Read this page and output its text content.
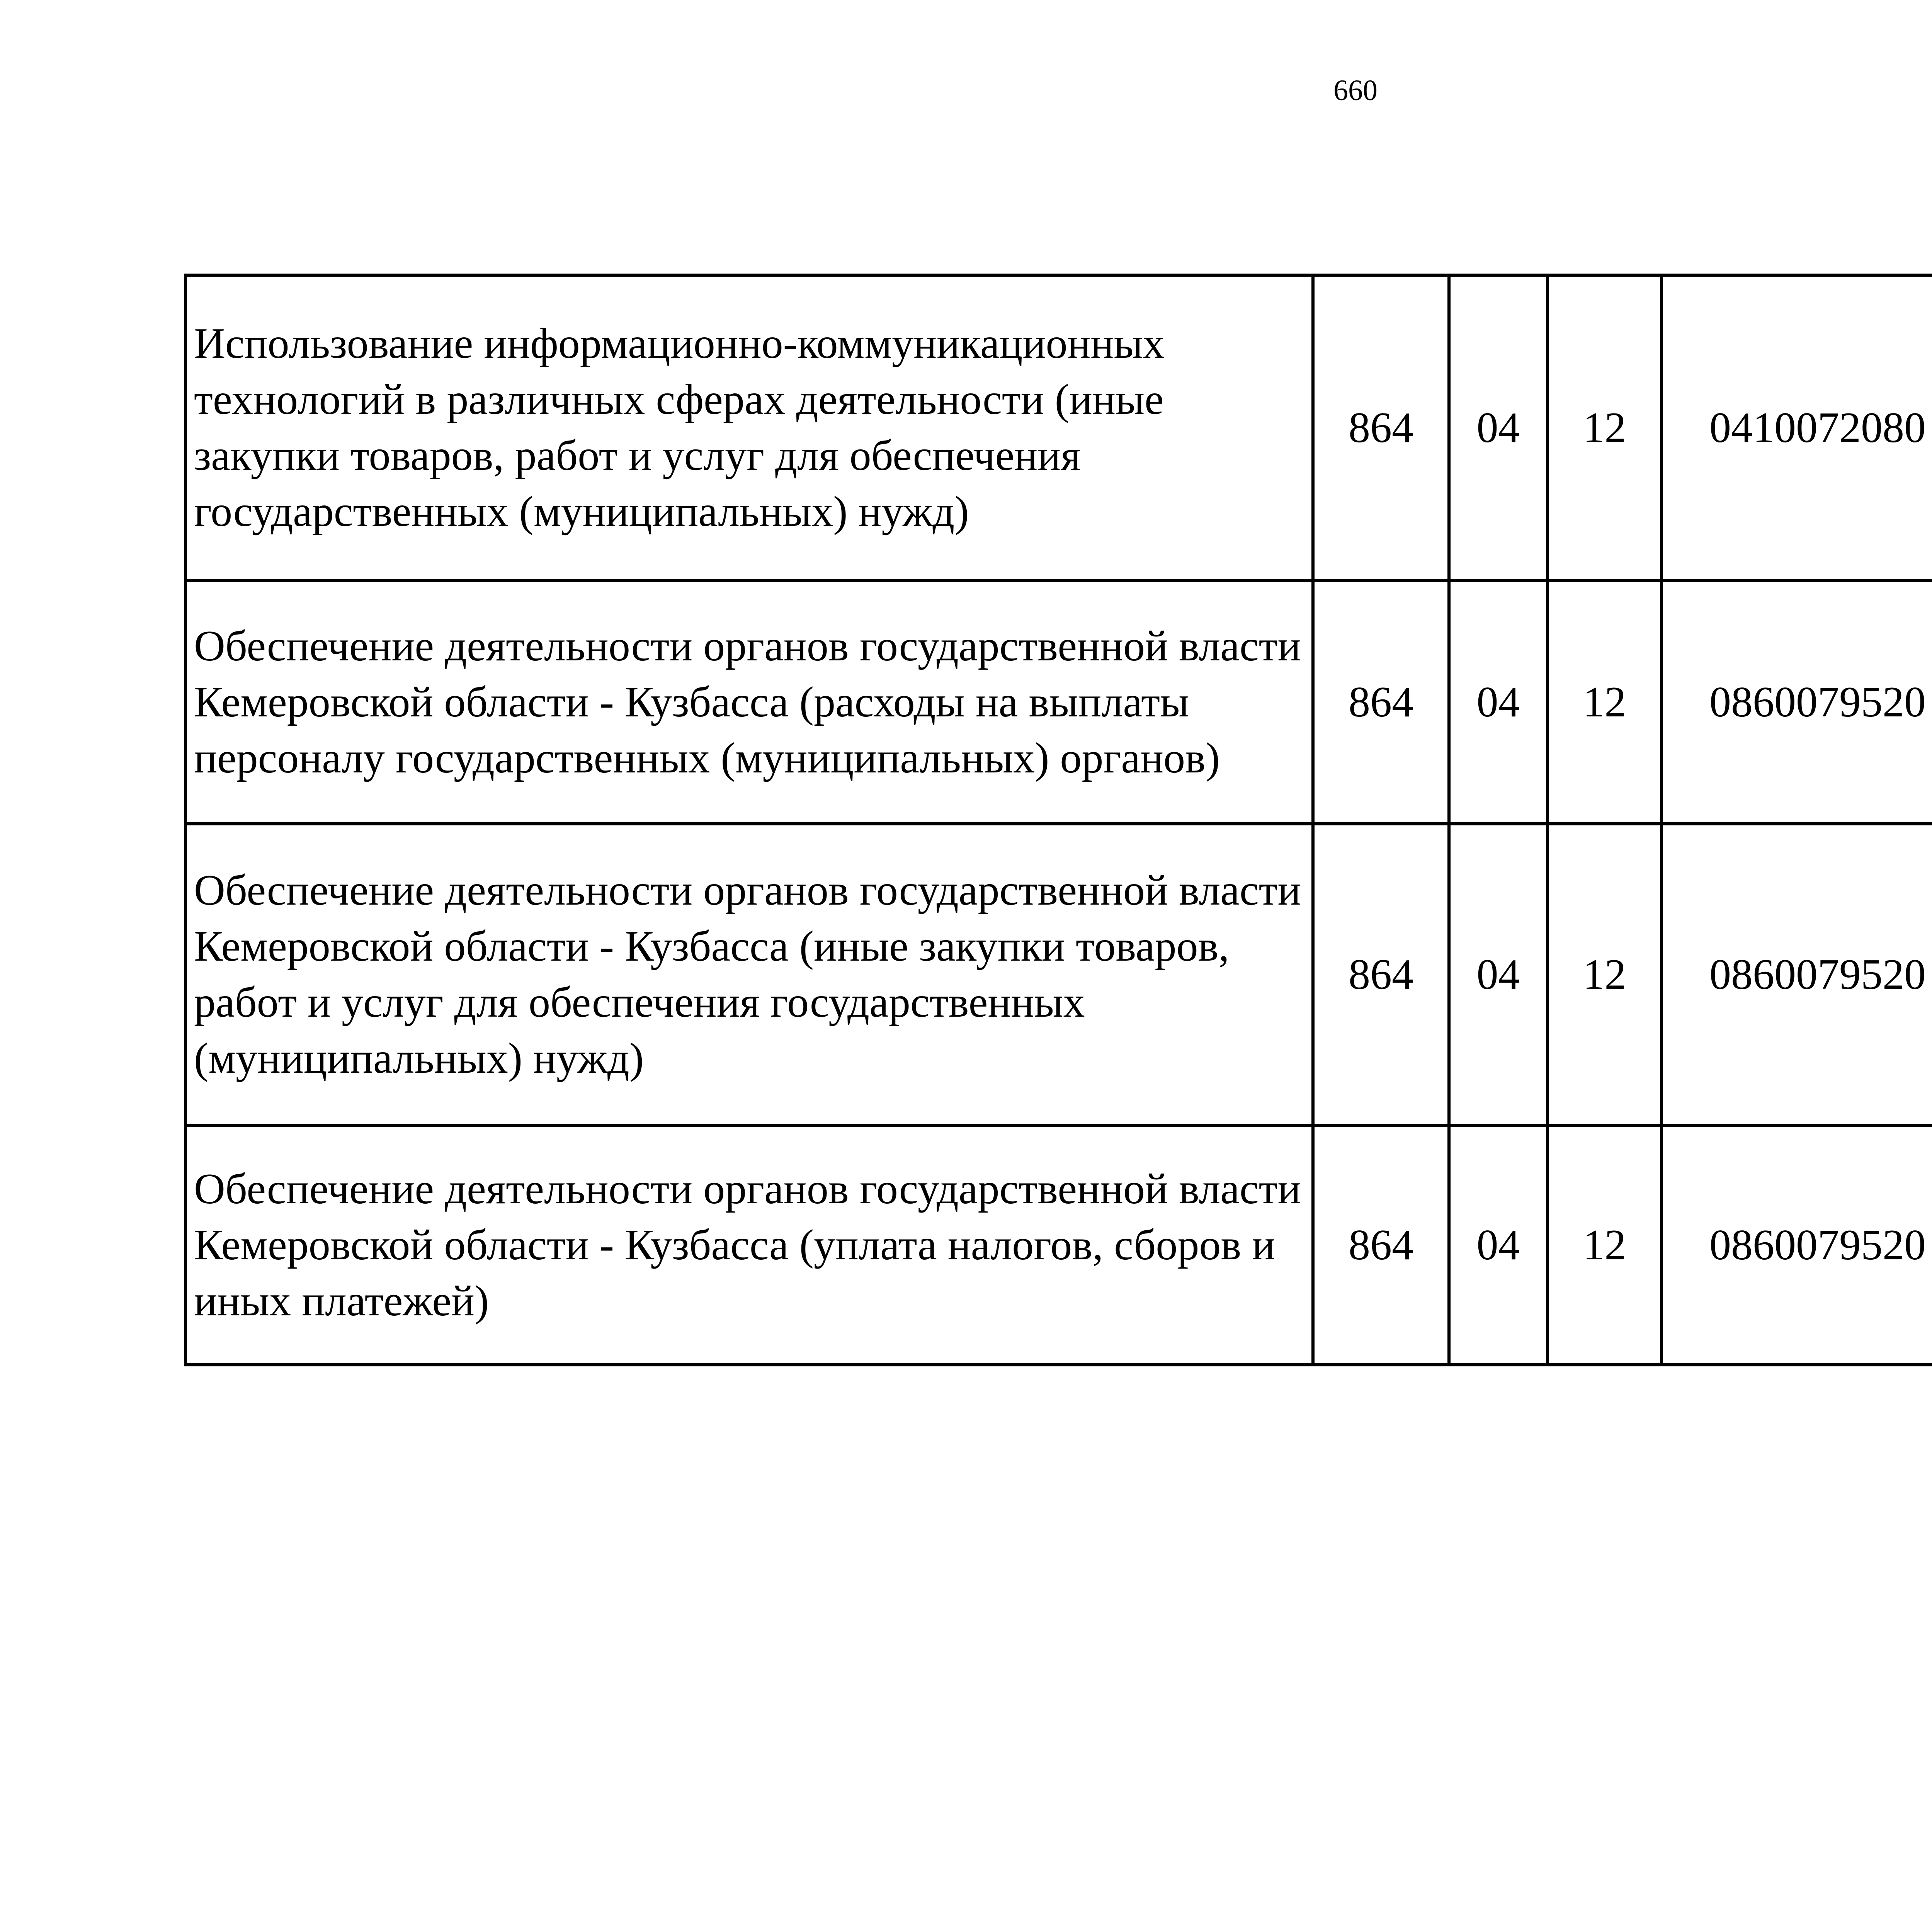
660
Использование информационно-коммуникационных технологий в различных сферах деятельности (иные закупки товаров, работ и услуг для обеспечения государственных (муниципальных) нужд)	864	04	12	0410072080		
Обеспечение деятельности органов государственной власти Кемеровской области - Кузбасса (расходы на выплаты персоналу государственных (муниципальных) органов)	864	04	12	0860079520		
Обеспечение деятельности органов государственной власти Кемеровской области - Кузбасса (иные закупки товаров, работ и услуг для обеспечения государственных (муниципальных) нужд)	864	04	12	0860079520		
Обеспечение деятельности органов государственной власти Кемеровской области - Кузбасса (уплата налогов, сборов и иных платежей)	864	04	12	0860079520		
